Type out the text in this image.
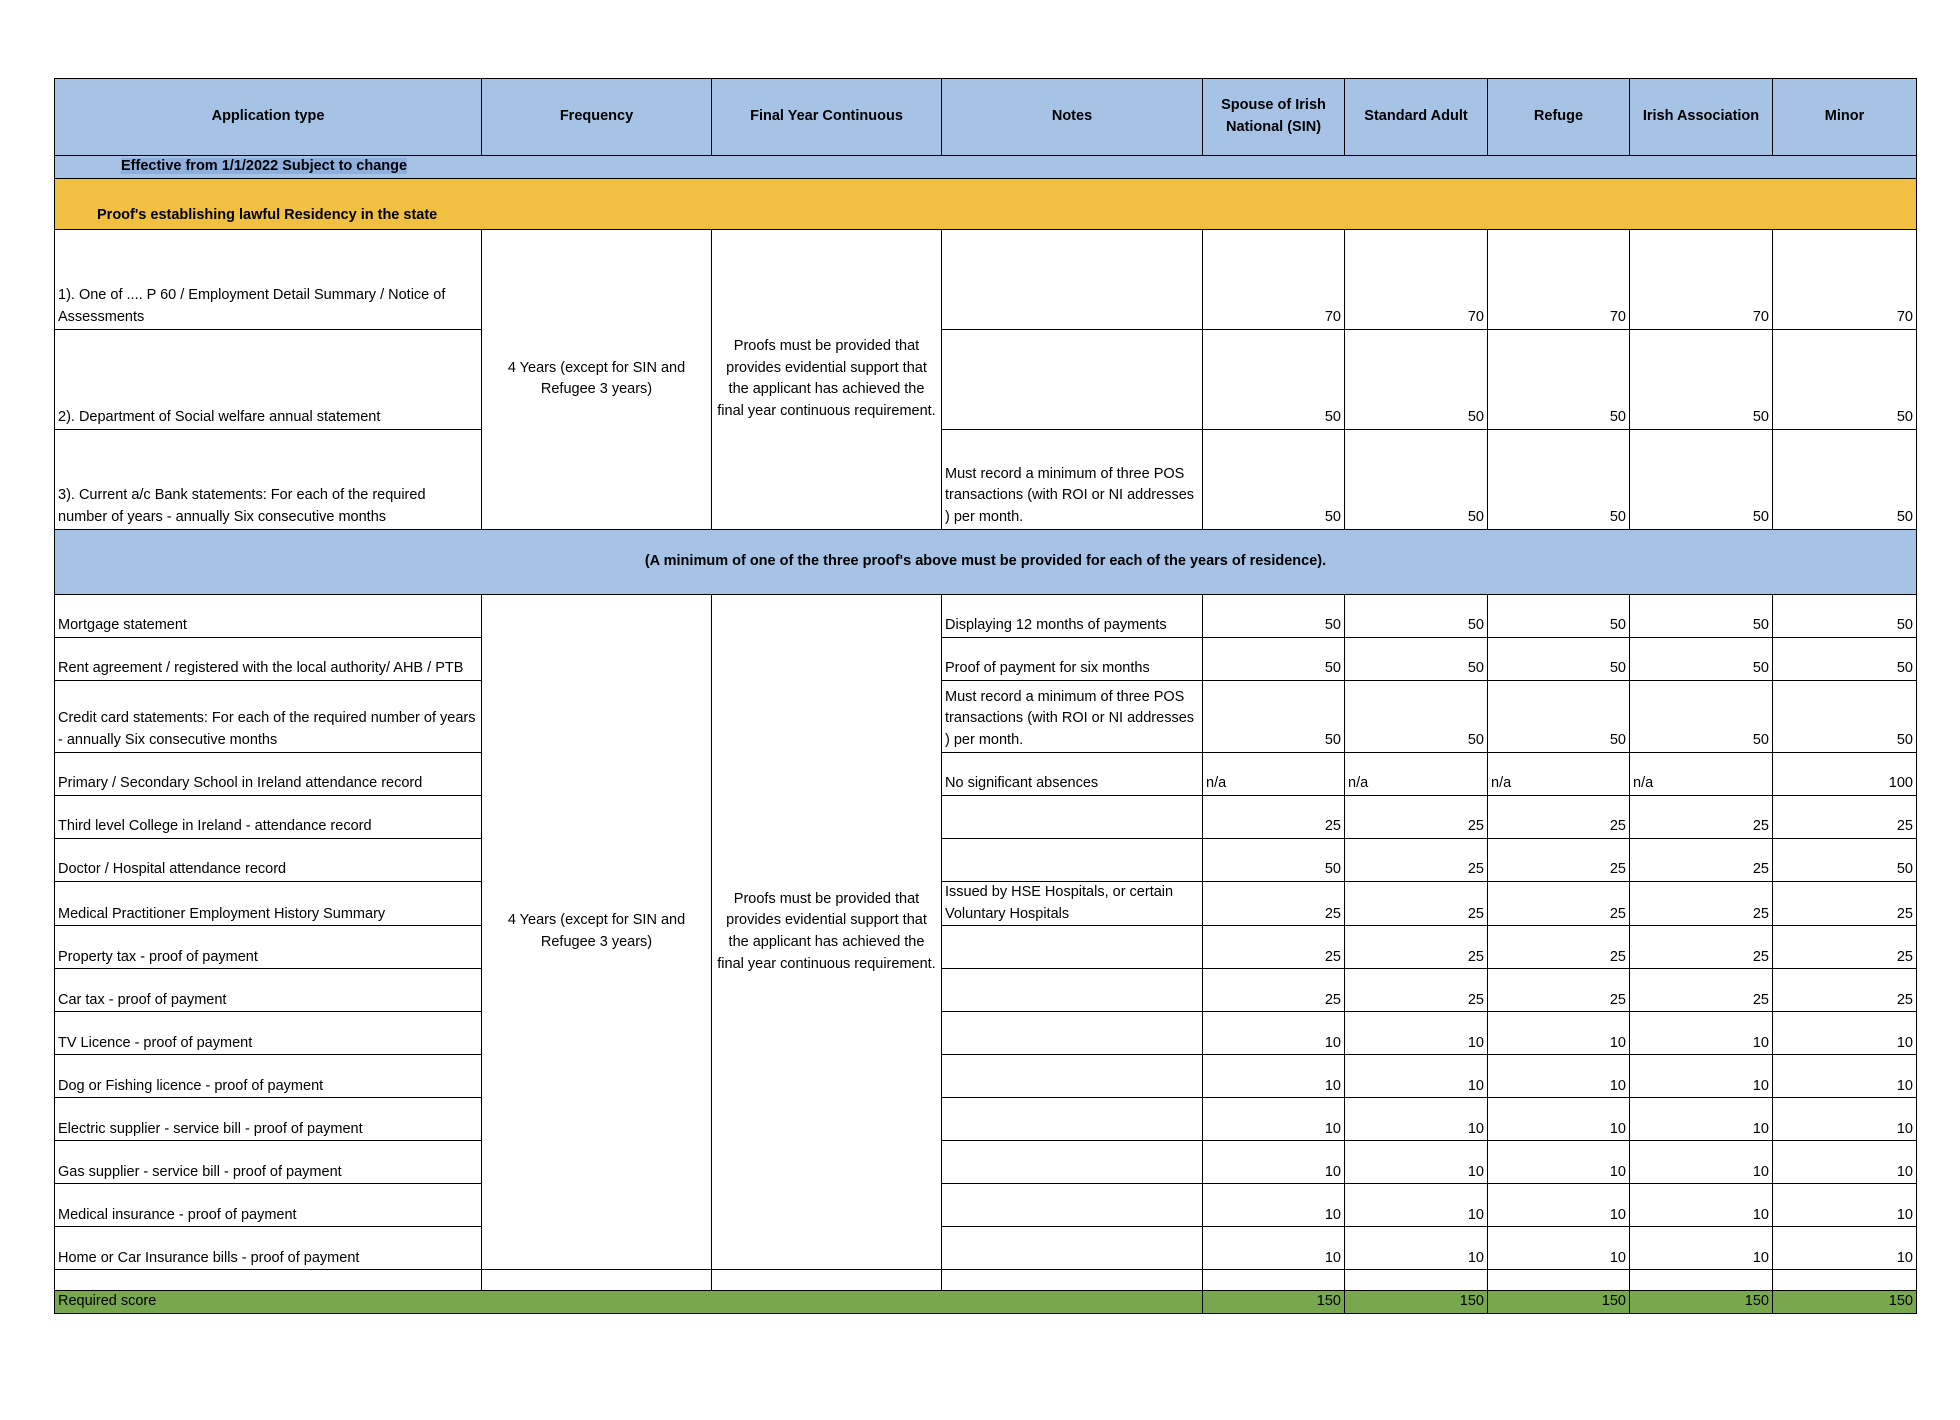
Application type	Frequency	Final Year Continuous	Notes	Spouse of Irish National (SIN)	Standard Adult	Refuge	Irish Association	Minor
Effective from 1/1/2022 Subject to change								
Proof's establishing lawful Residency in the state								
1). One of .... P 60 / Employment Detail Summary / Notice of Assessments	4 Years (except for SIN and Refugee 3 years)	Proofs must be provided that provides evidential support that the applicant has achieved the final year continuous requirement.		70	70	70	70	70
2). Department of Social welfare annual statement				50	50	50	50	50
3). Current a/c Bank statements: For each of the required number of years - annually Six consecutive months			Must record a minimum of three POS transactions (with ROI or NI addresses ) per month.	50	50	50	50	50
(A minimum of one of the three proof's above must be provided for each of the years of residence).								
Mortgage statement	4 Years (except for SIN and Refugee 3 years)	Proofs must be provided that provides evidential support that the applicant has achieved the final year continuous requirement.	Displaying 12 months of payments	50	50	50	50	50
Rent agreement / registered with the local authority/ AHB / PTB			Proof of payment for six months	50	50	50	50	50
Credit card statements: For each of the required number of years - annually Six consecutive months			Must record a minimum of three POS transactions (with ROI or NI addresses ) per month.	50	50	50	50	50
Primary / Secondary School in Ireland attendance record			No significant absences	n/a	n/a	n/a	n/a	100
Third level College in Ireland - attendance record				25	25	25	25	25
Doctor / Hospital attendance record				50	25	25	25	50
Medical Practitioner Employment History Summary			Issued by HSE Hospitals, or certain Voluntary Hospitals	25	25	25	25	25
Property tax - proof of payment				25	25	25	25	25
Car tax - proof of payment				25	25	25	25	25
TV Licence - proof of payment				10	10	10	10	10
Dog or Fishing licence - proof of payment				10	10	10	10	10
Electric supplier - service bill - proof of payment				10	10	10	10	10
Gas supplier - service bill - proof of payment				10	10	10	10	10
Medical insurance - proof of payment				10	10	10	10	10
Home or Car Insurance bills - proof of payment				10	10	10	10	10

Required score				150	150	150	150	150
